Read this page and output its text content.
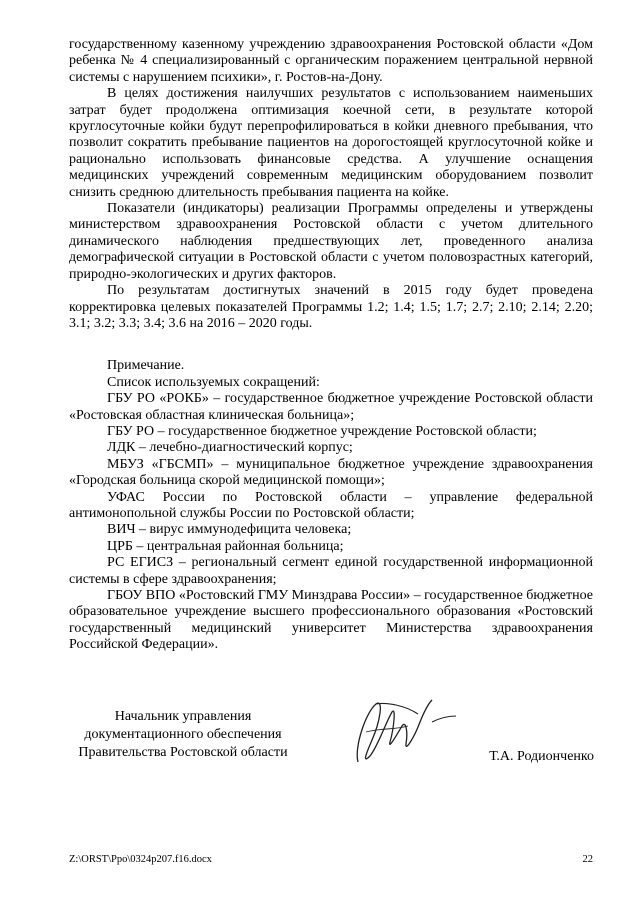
государственному казенному учреждению здравоохранения Ростовской области «Дом ребенка № 4 специализированный с органическим поражением центральной нервной системы с нарушением психики», г. Ростов-на-Дону.

В целях достижения наилучших результатов с использованием наименьших затрат будет продолжена оптимизация коечной сети, в результате которой круглосуточные койки будут перепрофилироваться в койки дневного пребывания, что позволит сократить пребывание пациентов на дорогостоящей круглосуточной койке и рационально использовать финансовые средства. А улучшение оснащения медицинских учреждений современным медицинским оборудованием позволит снизить среднюю длительность пребывания пациента на койке.

Показатели (индикаторы) реализации Программы определены и утверждены министерством здравоохранения Ростовской области с учетом длительного динамического наблюдения предшествующих лет, проведенного анализа демографической ситуации в Ростовской области с учетом половозрастных категорий, природно-экологических и других факторов.

По результатам достигнутых значений в 2015 году будет проведена корректировка целевых показателей Программы 1.2; 1.4; 1.5; 1.7; 2.7; 2.10; 2.14; 2.20; 3.1; 3.2; 3.3; 3.4; 3.6 на 2016 – 2020 годы.

Примечание.

Список используемых сокращений:

ГБУ РО «РОКБ» – государственное бюджетное учреждение Ростовской области «Ростовская областная клиническая больница»;

ГБУ РО – государственное бюджетное учреждение Ростовской области;

ЛДК – лечебно-диагностический корпус;

МБУЗ «ГБСМП» – муниципальное бюджетное учреждение здравоохранения «Городская больница скорой медицинской помощи»;

УФАС России по Ростовской области – управление федеральной антимонопольной службы России по Ростовской области;

ВИЧ – вирус иммунодефицита человека;

ЦРБ – центральная районная больница;

РС ЕГИСЗ – региональный сегмент единой государственной информационной системы в сфере здравоохранения;

ГБОУ ВПО «Ростовский ГМУ Минздрава России» – государственное бюджетное образовательное учреждение высшего профессионального образования «Ростовский государственный медицинский университет Министерства здравоохранения Российской Федерации».

Начальник управления
документационного обеспечения
Правительства Ростовской области	Т.А. Родионченко
Z:\ORST\Ppo\0324p207.f16.docx	22
